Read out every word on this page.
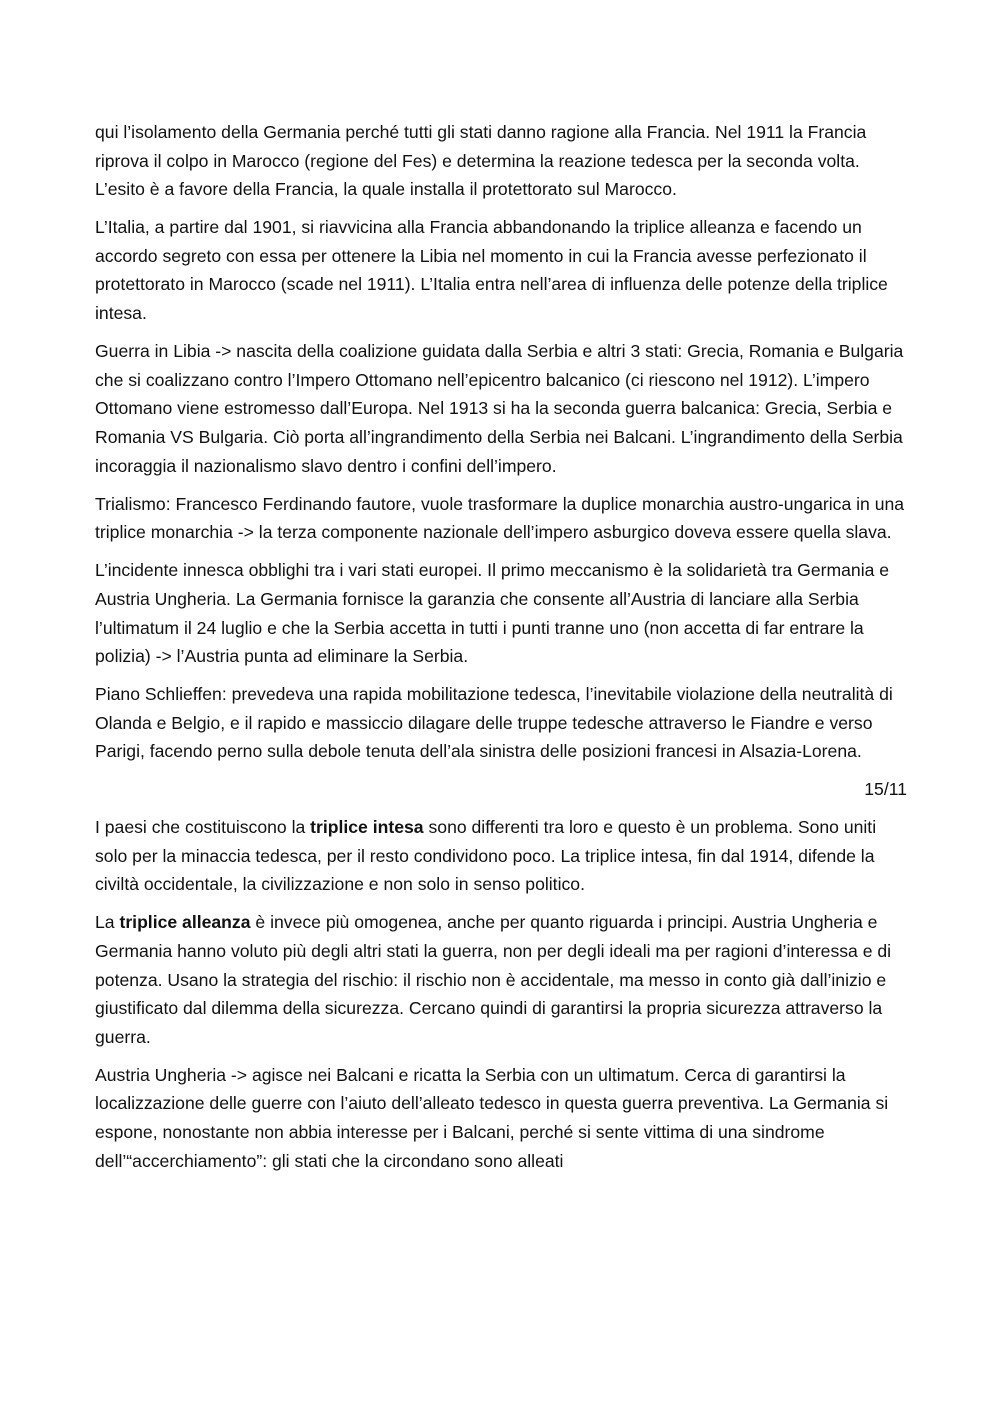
qui l’isolamento della Germania perché tutti gli stati danno ragione alla Francia. Nel 1911 la Francia riprova il colpo in Marocco (regione del Fes) e determina la reazione tedesca per la seconda volta. L’esito è a favore della Francia, la quale installa il protettorato sul Marocco.

L’Italia, a partire dal 1901, si riavvicina alla Francia abbandonando la triplice alleanza e facendo un accordo segreto con essa per ottenere la Libia nel momento in cui la Francia avesse perfezionato il protettorato in Marocco (scade nel 1911). L’Italia entra nell’area di influenza delle potenze della triplice intesa.

Guerra in Libia -> nascita della coalizione guidata dalla Serbia e altri 3 stati: Grecia, Romania e Bulgaria che si coalizzano contro l’Impero Ottomano nell’epicentro balcanico (ci riescono nel 1912). L’impero Ottomano viene estromesso dall’Europa. Nel 1913 si ha la seconda guerra balcanica: Grecia, Serbia e Romania VS Bulgaria. Ciò porta all’ingrandimento della Serbia nei Balcani. L’ingrandimento della Serbia incoraggia il nazionalismo slavo dentro i confini dell’impero.

Trialismo: Francesco Ferdinando fautore, vuole trasformare la duplice monarchia austro-ungarica in una triplice monarchia -> la terza componente nazionale dell’impero asburgico doveva essere quella slava.

L’incidente innesca obblighi tra i vari stati europei. Il primo meccanismo è la solidarietà tra Germania e Austria Ungheria. La Germania fornisce la garanzia che consente all’Austria di lanciare alla Serbia l’ultimatum il 24 luglio e che la Serbia accetta in tutti i punti tranne uno (non accetta di far entrare la polizia) -> l’Austria punta ad eliminare la Serbia.

Piano Schlieffen: prevedeva una rapida mobilitazione tedesca, l’inevitabile violazione della neutralità di Olanda e Belgio, e il rapido e massiccio dilagare delle truppe tedesche attraverso le Fiandre e verso Parigi, facendo perno sulla debole tenuta dell’ala sinistra delle posizioni francesi in Alsazia-Lorena.

15/11

I paesi che costituiscono la triplice intesa sono differenti tra loro e questo è un problema. Sono uniti solo per la minaccia tedesca, per il resto condividono poco. La triplice intesa, fin dal 1914, difende la civiltà occidentale, la civilizzazione e non solo in senso politico.

La triplice alleanza è invece più omogenea, anche per quanto riguarda i principi. Austria Ungheria e Germania hanno voluto più degli altri stati la guerra, non per degli ideali ma per ragioni d’interessa e di potenza. Usano la strategia del rischio: il rischio non è accidentale, ma messo in conto già dall’inizio e giustificato dal dilemma della sicurezza. Cercano quindi di garantirsi la propria sicurezza attraverso la guerra.

Austria Ungheria -> agisce nei Balcani e ricatta la Serbia con un ultimatum. Cerca di garantirsi la localizzazione delle guerre con l’aiuto dell’alleato tedesco in questa guerra preventiva. La Germania si espone, nonostante non abbia interesse per i Balcani, perché si sente vittima di una sindrome dell’“accerchiamento”: gli stati che la circondano sono alleati
